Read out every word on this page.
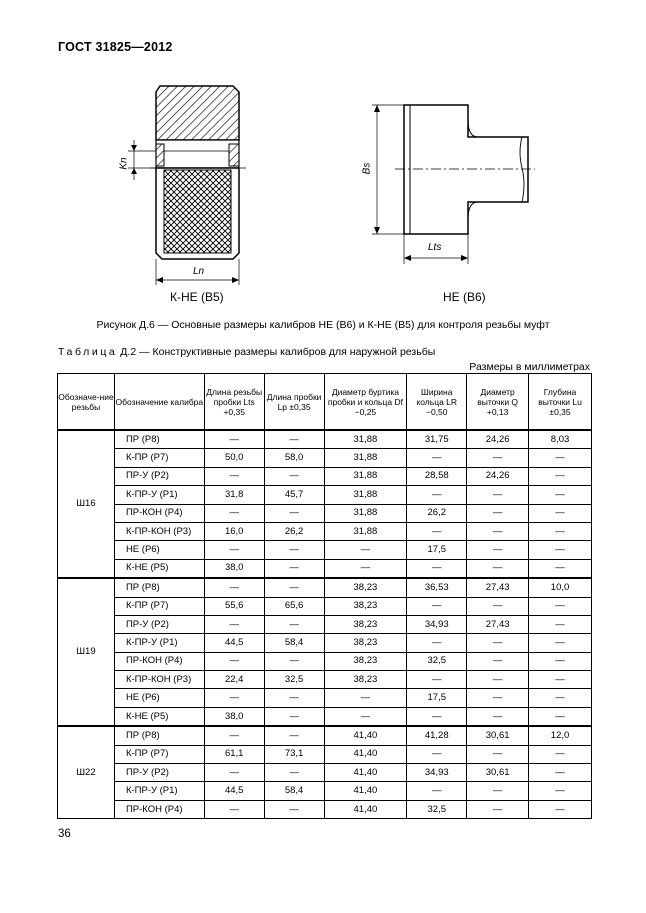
ГОСТ 31825—2012
Kn
Ln
Bs
Lts
К-НЕ (В5)	НЕ (В6)
Рисунок Д.6 — Основные размеры калибров НЕ (В6) и К-НЕ (В5) для контроля резьбы муфт
Таблица Д.2 — Конструктивные размеры калибров для наружной резьбы
Размеры в миллиметрах
Обозначе-ние резьбы	Обозначение калибра	Длина резьбы пробки Lts +0,35	Длина пробки Lp ±0,35	Диаметр буртика пробки и кольца Df −0,25	Ширина кольца LR −0,50	Диаметр выточки Q +0,13	Глубина выточки Lu ±0,35
Ш16	ПР (Р8)	—	—	31,88	31,75	24,26	8,03
	К-ПР (Р7)	50,0	58,0	31,88	—	—	—
	ПР-У (Р2)	—	—	31,88	28,58	24,26	—
	К-ПР-У (Р1)	31,8	45,7	31,88	—	—	—
	ПР-КОН (Р4)	—	—	31,88	26,2	—	—
	К-ПР-КОН (Р3)	16,0	26,2	31,88	—	—	—
	НЕ (Р6)	—	—	—	17,5	—	—
	К-НЕ (Р5)	38,0	—	—	—	—	—
Ш19	ПР (Р8)	—	—	38,23	36,53	27,43	10,0
	К-ПР (Р7)	55,6	65,6	38,23	—	—	—
	ПР-У (Р2)	—	—	38,23	34,93	27,43	—
	К-ПР-У (Р1)	44,5	58,4	38,23	—	—	—
	ПР-КОН (Р4)	—	—	38,23	32,5	—	—
	К-ПР-КОН (Р3)	22,4	32,5	38,23	—	—	—
	НЕ (Р6)	—	—	—	17,5	—	—
	К-НЕ (Р5)	38,0	—	—	—	—	—
Ш22	ПР (Р8)	—	—	41,40	41,28	30,61	12,0
	К-ПР (Р7)	61,1	73,1	41,40	—	—	—
	ПР-У (Р2)	—	—	41,40	34,93	30,61	—
	К-ПР-У (Р1)	44,5	58,4	41,40	—	—	—
	ПР-КОН (Р4)	—	—	41,40	32,5	—	—
36
